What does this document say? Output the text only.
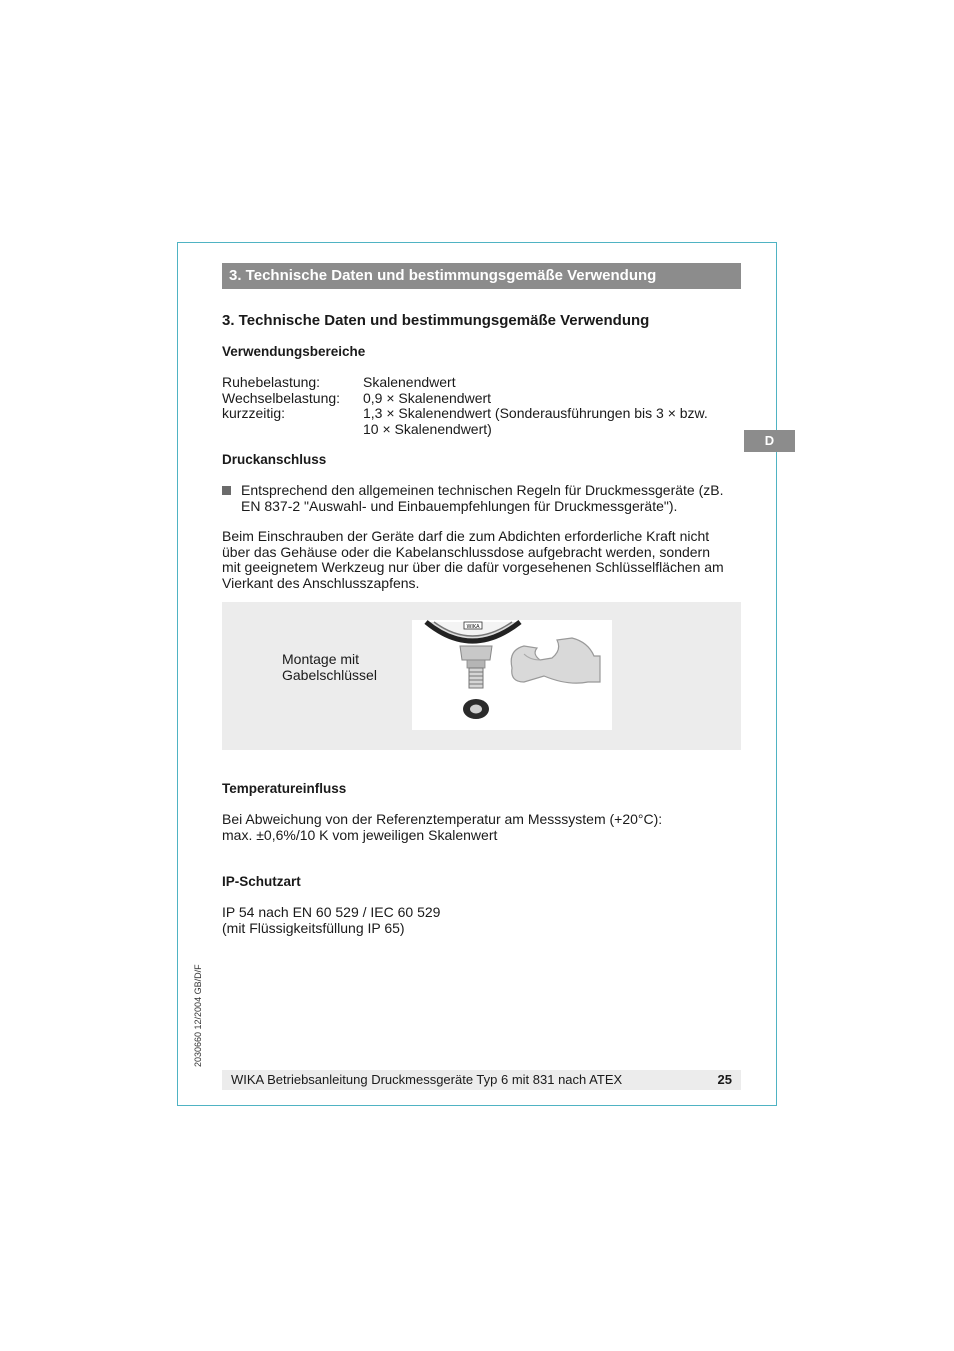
3. Technische Daten und bestimmungsgemäße Verwendung
D
3. Technische Daten und bestimmungsgemäße Verwendung
Verwendungsbereiche
Ruhebelastung:	Skalenendwert
Wechselbelastung: 0,9 × Skalenendwert
kurzzeitig:	1,3 × Skalenendwert (Sonderausführungen bis 3 × bzw.
10 × Skalenendwert)
Druckanschluss
Entsprechend den allgemeinen technischen Regeln für Druckmessgeräte (zB.
EN 837-2 "Auswahl- und Einbauempfehlungen für Druckmessgeräte").
Beim Einschrauben der Geräte darf die zum Abdichten erforderliche Kraft nicht
über das Gehäuse oder die Kabelanschlussdose aufgebracht werden, sondern
mit geeignetem Werkzeug nur über die dafür vorgesehenen Schlüsselflächen am
Vierkant des Anschlusszapfens.
Montage mit
Gabelschlüssel
WIKA
Temperatureinfluss
Bei Abweichung von der Referenztemperatur am Messsystem (+20°C):
max. ±0,6%/10 K vom jeweiligen Skalenwert
IP-Schutzart
IP 54 nach EN 60 529 / IEC 60 529
(mit Flüssigkeitsfüllung IP 65)
2030660 12/2004 GB/D/F
WIKA Betriebsanleitung Druckmessgeräte Typ 6 mit 831 nach ATEX	25
